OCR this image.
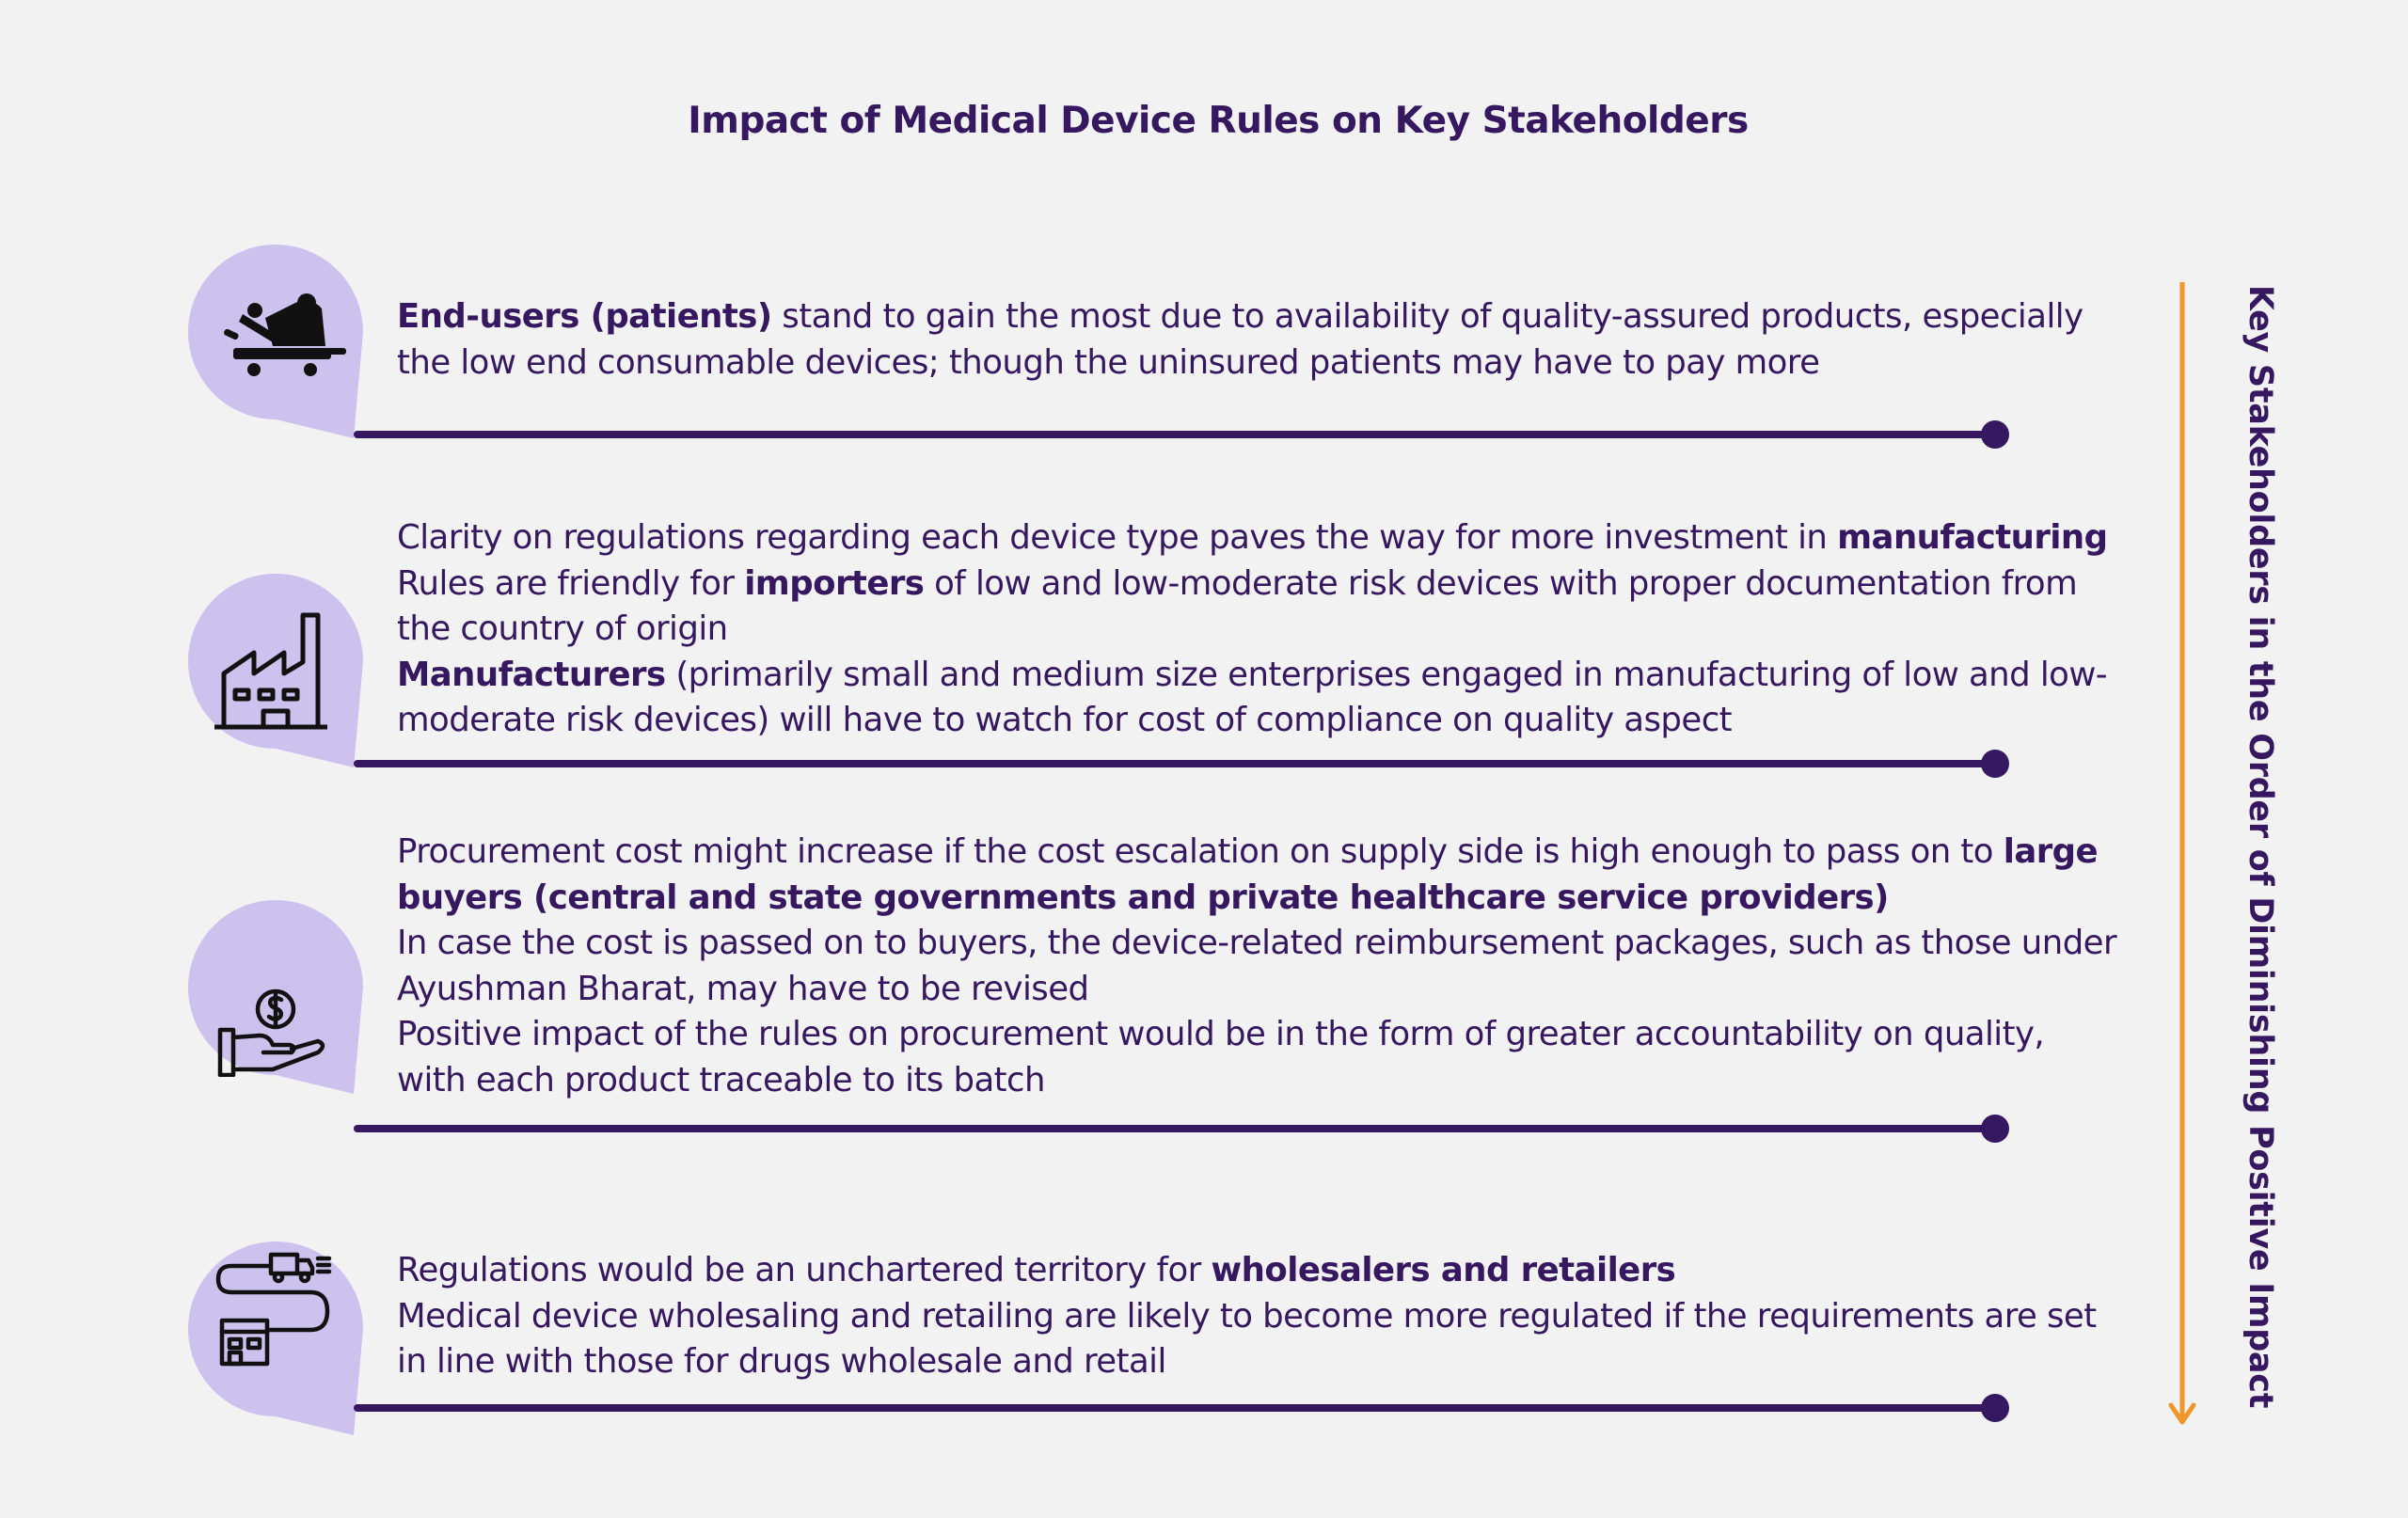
Impact of Medical Device Rules on Key Stakeholders
End-users (patients) stand to gain the most due to availability of quality-assured products, especially
the low end consumable devices; though the uninsured patients may have to pay more
Clarity on regulations regarding each device type paves the way for more investment in manufacturing
Rules are friendly for importers of low and low-moderate risk devices with proper documentation from
the country of origin
Manufacturers (primarily small and medium size enterprises engaged in manufacturing of low and low-
moderate risk devices) will have to watch for cost of compliance on quality aspect
Procurement cost might increase if the cost escalation on supply side is high enough to pass on to large
buyers (central and state governments and private healthcare service providers)
In case the cost is passed on to buyers, the device-related reimbursement packages, such as those under
Ayushman Bharat, may have to be revised
Positive impact of the rules on procurement would be in the form of greater accountability on quality,
with each product traceable to its batch
Regulations would be an unchartered territory for wholesalers and retailers
Medical device wholesaling and retailing are likely to become more regulated if the requirements are set
in line with those for drugs wholesale and retail	Key Stakeholders in the Order of Diminishing Positive Impact
